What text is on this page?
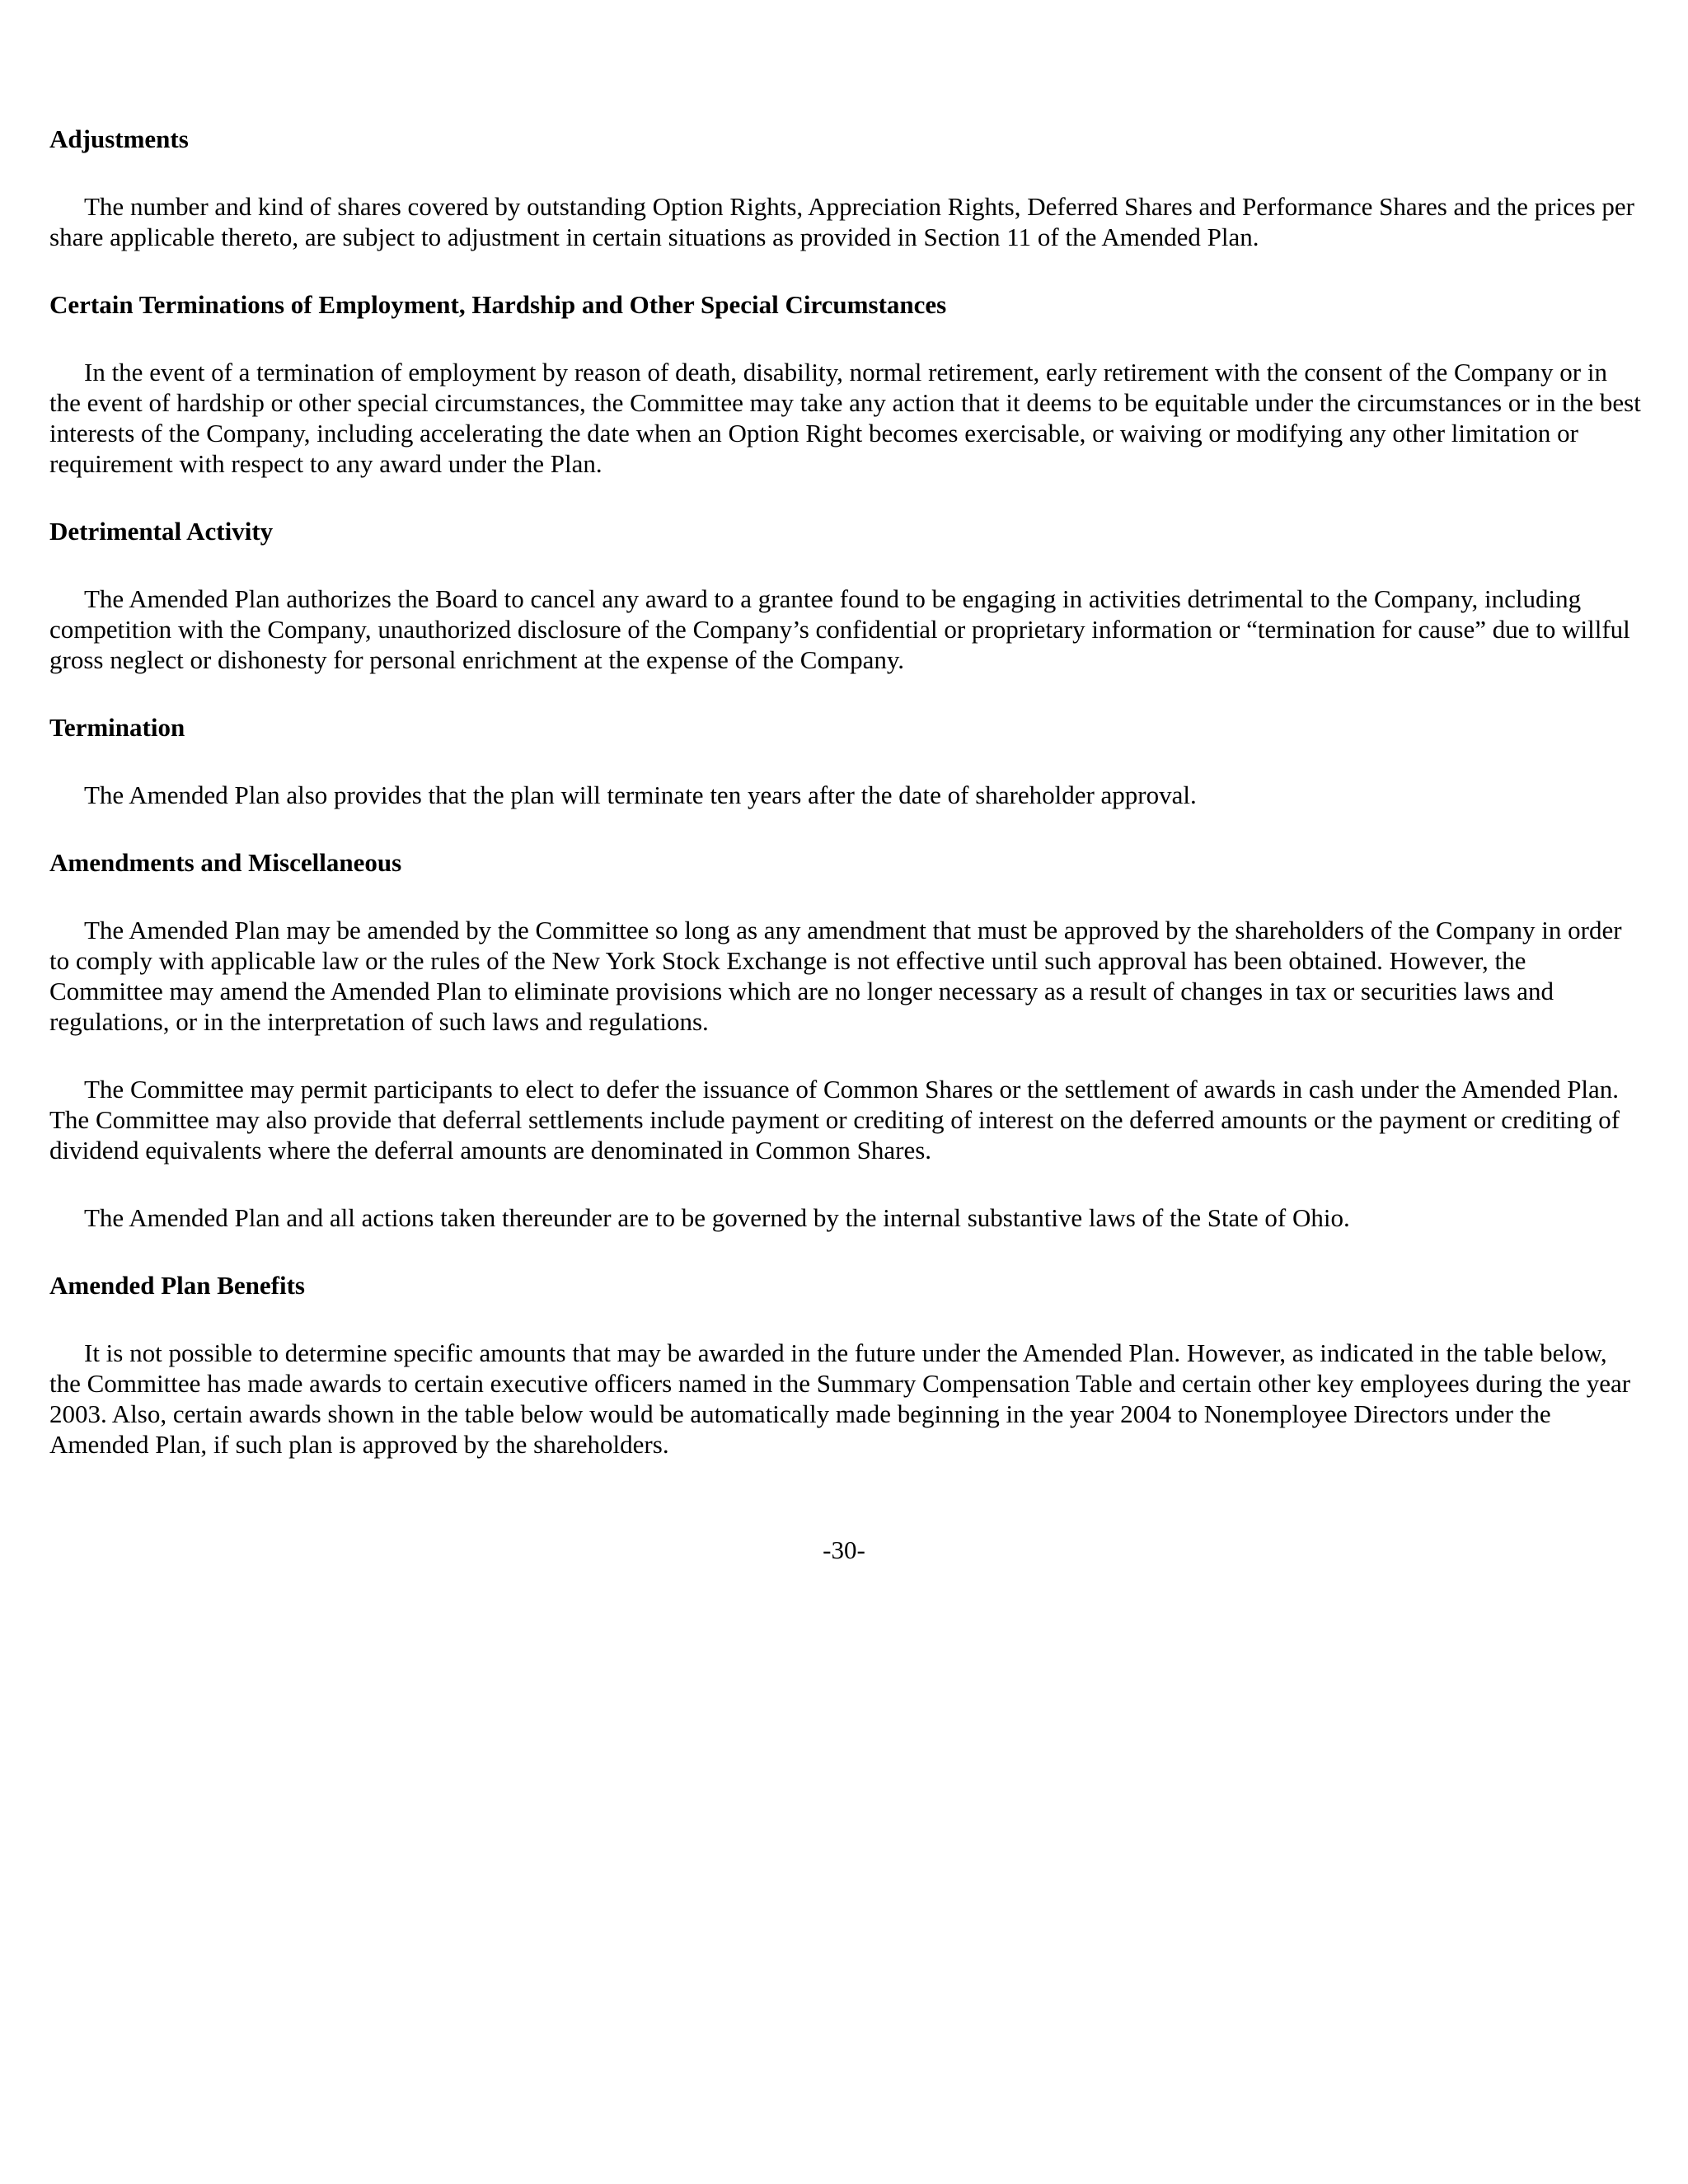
Adjustments

The number and kind of shares covered by outstanding Option Rights, Appreciation Rights, Deferred Shares and Performance Shares and the prices per share applicable thereto, are subject to adjustment in certain situations as provided in Section 11 of the Amended Plan.

Certain Terminations of Employment, Hardship and Other Special Circumstances

In the event of a termination of employment by reason of death, disability, normal retirement, early retirement with the consent of the Company or in the event of hardship or other special circumstances, the Committee may take any action that it deems to be equitable under the circumstances or in the best interests of the Company, including accelerating the date when an Option Right becomes exercisable, or waiving or modifying any other limitation or requirement with respect to any award under the Plan.

Detrimental Activity

The Amended Plan authorizes the Board to cancel any award to a grantee found to be engaging in activities detrimental to the Company, including competition with the Company, unauthorized disclosure of the Company’s confidential or proprietary information or “termination for cause” due to willful gross neglect or dishonesty for personal enrichment at the expense of the Company.

Termination

The Amended Plan also provides that the plan will terminate ten years after the date of shareholder approval.

Amendments and Miscellaneous

The Amended Plan may be amended by the Committee so long as any amendment that must be approved by the shareholders of the Company in order to comply with applicable law or the rules of the New York Stock Exchange is not effective until such approval has been obtained. However, the Committee may amend the Amended Plan to eliminate provisions which are no longer necessary as a result of changes in tax or securities laws and regulations, or in the interpretation of such laws and regulations.

The Committee may permit participants to elect to defer the issuance of Common Shares or the settlement of awards in cash under the Amended Plan. The Committee may also provide that deferral settlements include payment or crediting of interest on the deferred amounts or the payment or crediting of dividend equivalents where the deferral amounts are denominated in Common Shares.

The Amended Plan and all actions taken thereunder are to be governed by the internal substantive laws of the State of Ohio.

Amended Plan Benefits

It is not possible to determine specific amounts that may be awarded in the future under the Amended Plan. However, as indicated in the table below, the Committee has made awards to certain executive officers named in the Summary Compensation Table and certain other key employees during the year 2003. Also, certain awards shown in the table below would be automatically made beginning in the year 2004 to Nonemployee Directors under the Amended Plan, if such plan is approved by the shareholders.

-30-
